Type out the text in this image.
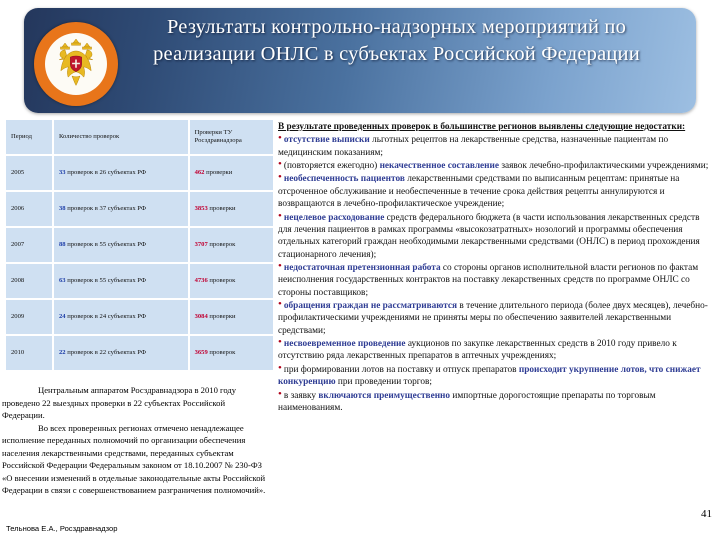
Результаты контрольно-надзорных мероприятий по реализации ОНЛС в субъектах Российской Федерации
Период	Количество проверок	Проверки ТУ Росздравнадзора
2005	33 проверок в 26 субъектах РФ	462 проверки
2006	38 проверок в 37 субъектах РФ	3853 проверки
2007	88 проверок в 55 субъектах РФ	3707 проверок
2008	63 проверок в 55 субъектах РФ	4736 проверок
2009	24 проверок в 24 субъектах РФ	3084 проверки
2010	22 проверок в 22 субъектах РФ	3659 проверок

Центральным аппаратом Росздравнадзора в 2010 году проведено 22 выездных проверки в 22 субъектах Российской Федерации.

Во всех проверенных регионах отмечено ненадлежащее исполнение переданных полномочий по организации обеспечения населения лекарственными средствами, переданных субъектам Российской Федерации Федеральным законом от 18.10.2007 № 230-ФЗ «О внесении изменений в отдельные законодательные акты Российской Федерации в связи с совершенствованием разграничения полномочий».

Тельнова Е.А., Росздравнадзор
В результате проведенных проверок в большинстве регионов выявлены следующие недостатки:
• отсутствие выписки льготных рецептов на лекарственные средства, назначенные пациентам по медицинским показаниям;
• (повторяется ежегодно) некачественное составление заявок лечебно-профилактическими учреждениями;
• необеспеченность пациентов лекарственными средствами по выписанным рецептам: принятые на отсроченное обслуживание и необеспеченные в течение срока действия рецепты аннулируются и возвращаются в лечебно-профилактическое учреждение;
• нецелевое расходование средств федерального бюджета (в части использования лекарственных средств для лечения пациентов в рамках программы «высокозатратных» нозологий и программы обеспечения отдельных категорий граждан необходимыми лекарственными средствами (ОНЛС) в период прохождения стационарного лечения);
• недостаточная претензионная работа со стороны органов исполнительной власти регионов по фактам неисполнения государственных контрактов на поставку лекарственных средств по программе ОНЛС со стороны поставщиков;
• обращения граждан не рассматриваются в течение длительного периода (более двух месяцев), лечебно-профилактическими учреждениями не приняты меры по обеспечению заявителей лекарственными средствами;
• несвоевременное проведение аукционов по закупке лекарственных средств в 2010 году привело к отсутствию ряда лекарственных препаратов в аптечных учреждениях;
• при формировании лотов на поставку и отпуск препаратов происходит укрупнение лотов, что снижает конкуренцию при проведении торгов;
• в заявку включаются преимущественно импортные дорогостоящие препараты по торговым наименованиям.
41
